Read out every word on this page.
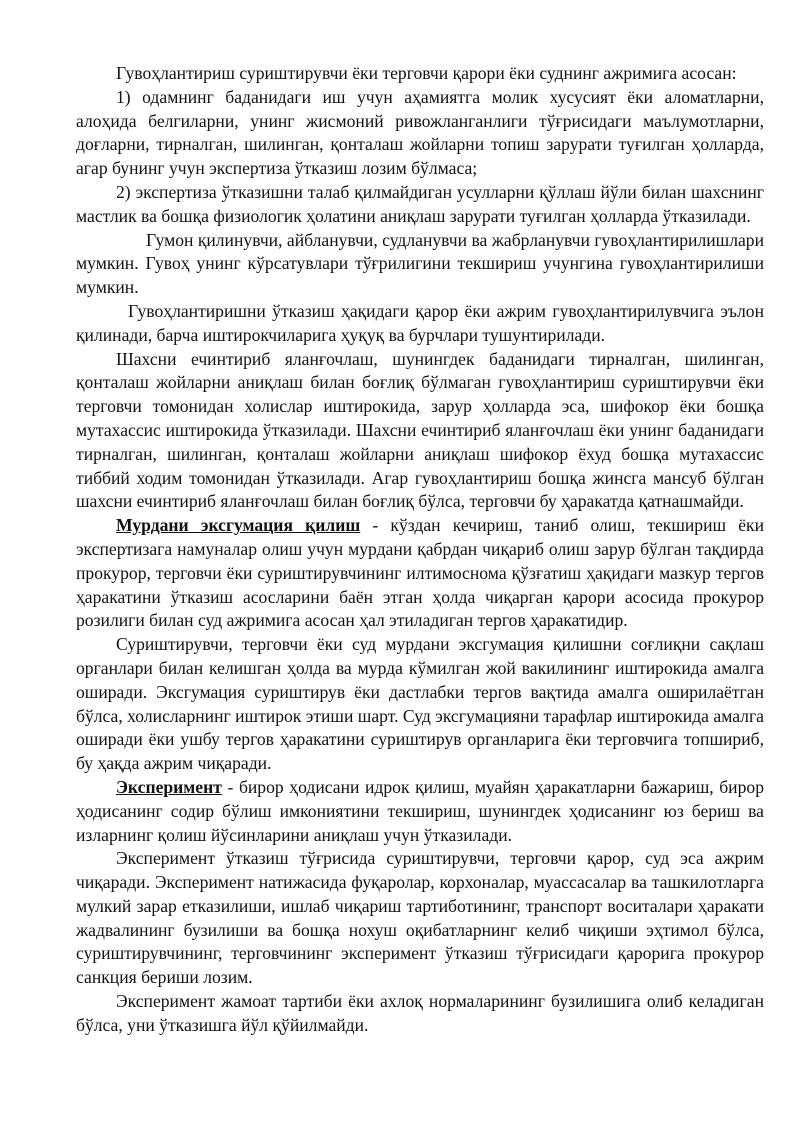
Гувоҳлантириш суриштирувчи ёки терговчи қарори ёки суднинг ажримига асосан:

1) одамнинг баданидаги иш учун аҳамиятга молик хусусият ёки аломатларни, алоҳида белгиларни, унинг жисмоний ривожланганлиги тўғрисидаги маълумотларни, доғларни, тирналган, шилинган, қонталаш жойларни топиш зарурати туғилган ҳолларда, агар бунинг учун экспертиза ўтказиш лозим бўлмаса;

2) экспертиза ўтказишни талаб қилмайдиган усулларни қўллаш йўли билан шахснинг мастлик ва бошқа физиологик ҳолатини аниқлаш зарурати туғилган ҳолларда ўтказилади.

Гумон қилинувчи, айбланувчи, судланувчи ва жабрланувчи гувоҳлантирилишлари мумкин. Гувоҳ унинг кўрсатувлари тўғрилигини текшириш учунгина гувоҳлантирилиши мумкин.

Гувоҳлантиришни ўтказиш ҳақидаги қарор ёки ажрим гувоҳлантирилувчига эълон қилинади, барча иштирокчиларига ҳуқуқ ва бурчлари тушунтирилади.

Шахсни ечинтириб яланғочлаш, шунингдек баданидаги тирналган, шилинган, қонталаш жойларни аниқлаш билан боғлиқ бўлмаган гувоҳлантириш суриштирувчи ёки терговчи томонидан холислар иштирокида, зарур ҳолларда эса, шифокор ёки бошқа мутахассис иштирокида ўтказилади. Шахсни ечинтириб яланғочлаш ёки унинг баданидаги тирналган, шилинган, қонталаш жойларни аниқлаш шифокор ёхуд бошқа мутахассис тиббий ходим томонидан ўтказилади. Агар гувоҳлантириш бошқа жинсга мансуб бўлган шахсни ечинтириб яланғочлаш билан боғлиқ бўлса, терговчи бу ҳаракатда қатнашмайди.

Мурдани эксгумация қилиш - кўздан кечириш, таниб олиш, текшириш ёки экспертизага намуналар олиш учун мурдани қабрдан чиқариб олиш зарур бўлган тақдирда прокурор, терговчи ёки суриштирувчининг илтимосномa қўзғатиш ҳақидаги мазкур тергов ҳаракатини ўтказиш асосларини баён этган ҳолда чиқарган қарори асосида прокурор розилиги билан суд ажримига асосан ҳал этиладиган тергов ҳаракатидир.

Суриштирувчи, терговчи ёки суд мурдани эксгумация қилишни соғлиқни сақлаш органлари билан келишган ҳолда ва мурда кўмилган жой вакилининг иштирокида амалга оширади. Эксгумация суриштирув ёки дастлабки тергов вақтида амалга оширилаётган бўлса, холисларнинг иштирок этиши шарт. Суд эксгумацияни тарафлар иштирокида амалга оширади ёки ушбу тергов ҳаракатини суриштирув органларига ёки терговчига топшириб, бу ҳақда ажрим чиқаради.

Эксперимент - бирор ҳодисани идрок қилиш, муайян ҳаракатларни бажариш, бирор ҳодисанинг содир бўлиш имкониятини текшириш, шунингдек ҳодисанинг юз бериш ва изларнинг қолиш йўсинларини аниқлаш учун ўтказилади.

Эксперимент ўтказиш тўғрисида суриштирувчи, терговчи қарор, суд эса ажрим чиқаради. Эксперимент натижасида фуқаролар, корхоналар, муассасалар ва ташкилотларга мулкий зарар етказилиши, ишлаб чиқариш тартиботининг, транспорт воситалари ҳаракати жадвалининг бузилиши ва бошқа нохуш оқибатларнинг келиб чиқиши эҳтимол бўлса, суриштирувчининг, терговчининг эксперимент ўтказиш тўғрисидаги қарорига прокурор санкция бериши лозим.

Эксперимент жамоат тартиби ёки ахлоқ нормаларининг бузилишига олиб келадиган бўлса, уни ўтказишга йўл қўйилмайди.
